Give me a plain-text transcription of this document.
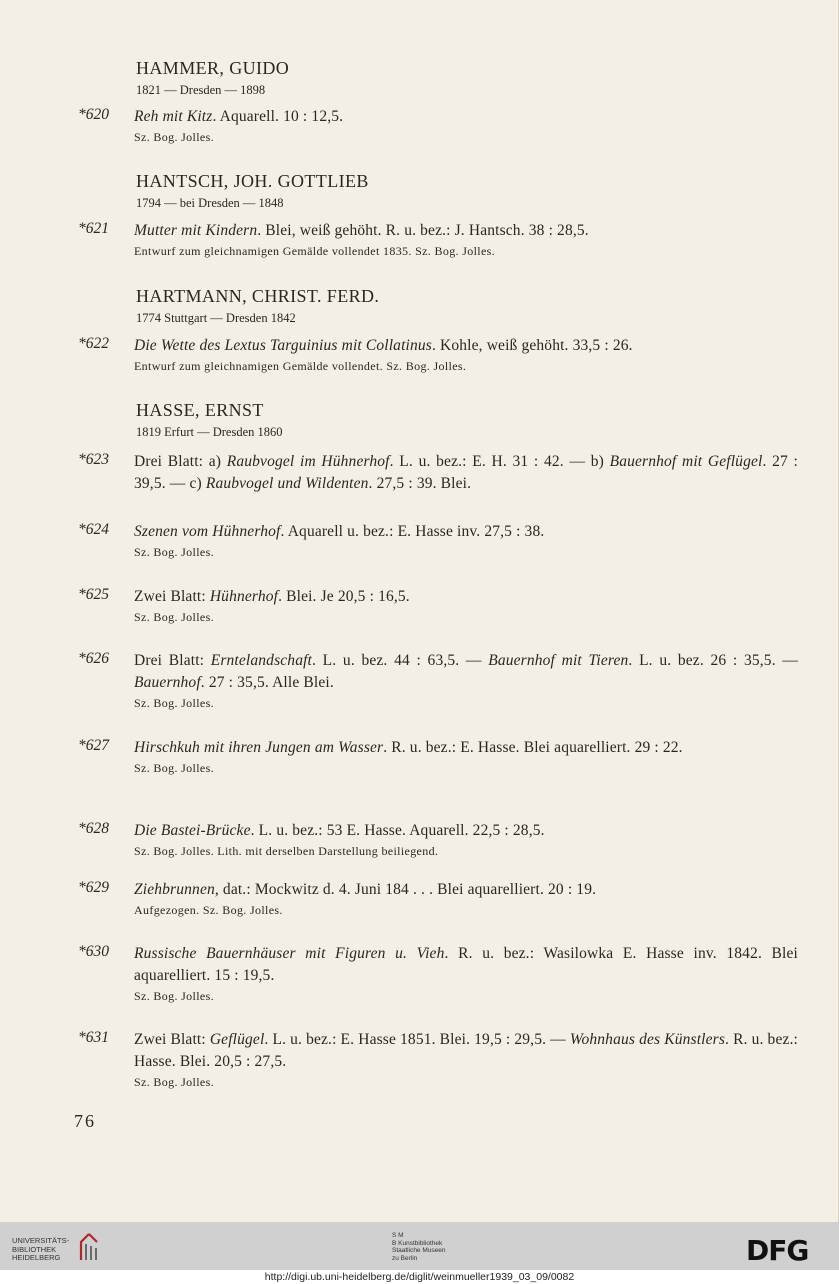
HAMMER, GUIDO
1821 — Dresden — 1898
*620 Reh mit Kitz. Aquarell. 10 : 12,5.
Sz. Bog. Jolles.
HANTSCH, JOH. GOTTLIEB
1794 — bei Dresden — 1848
*621 Mutter mit Kindern. Blei, weiß gehöht. R. u. bez.: J. Hantsch. 38 : 28,5.
Entwurf zum gleichnamigen Gemälde vollendet 1835. Sz. Bog. Jolles.
HARTMANN, CHRIST. FERD.
1774 Stuttgart — Dresden 1842
*622 Die Wette des Lextus Targuinius mit Collatinus. Kohle, weiß gehöht. 33,5 : 26.
Entwurf zum gleichnamigen Gemälde vollendet. Sz. Bog. Jolles.
HASSE, ERNST
1819 Erfurt — Dresden 1860
*623 Drei Blatt: a) Raubvogel im Hühnerhof. L. u. bez.: E. H. 31 : 42. — b) Bauernhof mit Geflügel. 27 : 39,5. — c) Raubvogel und Wildenten. 27,5 : 39. Blei.
*624 Szenen vom Hühnerhof. Aquarell u. bez.: E. Hasse inv. 27,5 : 38.
Sz. Bog. Jolles.
*625 Zwei Blatt: Hühnerhof. Blei. Je 20,5 : 16,5.
Sz. Bog. Jolles.
*626 Drei Blatt: Erntelandschaft. L. u. bez. 44 : 63,5. — Bauernhof mit Tieren. L. u. bez. 26 : 35,5. — Bauernhof. 27 : 35,5. Alle Blei.
Sz. Bog. Jolles.
*627 Hirschkuh mit ihren Jungen am Wasser. R. u. bez.: E. Hasse. Blei aquarelliert. 29 : 22.
Sz. Bog. Jolles.
*628 Die Bastei-Brücke. L. u. bez.: 53 E. Hasse. Aquarell. 22,5 : 28,5.
Sz. Bog. Jolles. Lith. mit derselben Darstellung beiliegend.
*629 Ziehbrunnen, dat.: Mockwitz d. 4. Juni 184 . . . Blei aquarelliert. 20 : 19.
Aufgezogen. Sz. Bog. Jolles.
*630 Russische Bauernhäuser mit Figuren u. Vieh. R. u. bez.: Wasilowka E. Hasse inv. 1842. Blei aquarelliert. 15 : 19,5.
Sz. Bog. Jolles.
*631 Zwei Blatt: Geflügel. L. u. bez.: E. Hasse 1851. Blei. 19,5 : 29,5. — Wohnhaus des Künstlers. R. u. bez.: Hasse. Blei. 20,5 : 27,5.
Sz. Bog. Jolles.
76
UNIVERSITÄTS-
BIBLIOTHEK
HEIDELBERG
S M
B Kunstbibliothek
Staatliche Museen
zu Berlin	DFG
http://digi.ub.uni-heidelberg.de/diglit/weinmueller1939_03_09/0082
